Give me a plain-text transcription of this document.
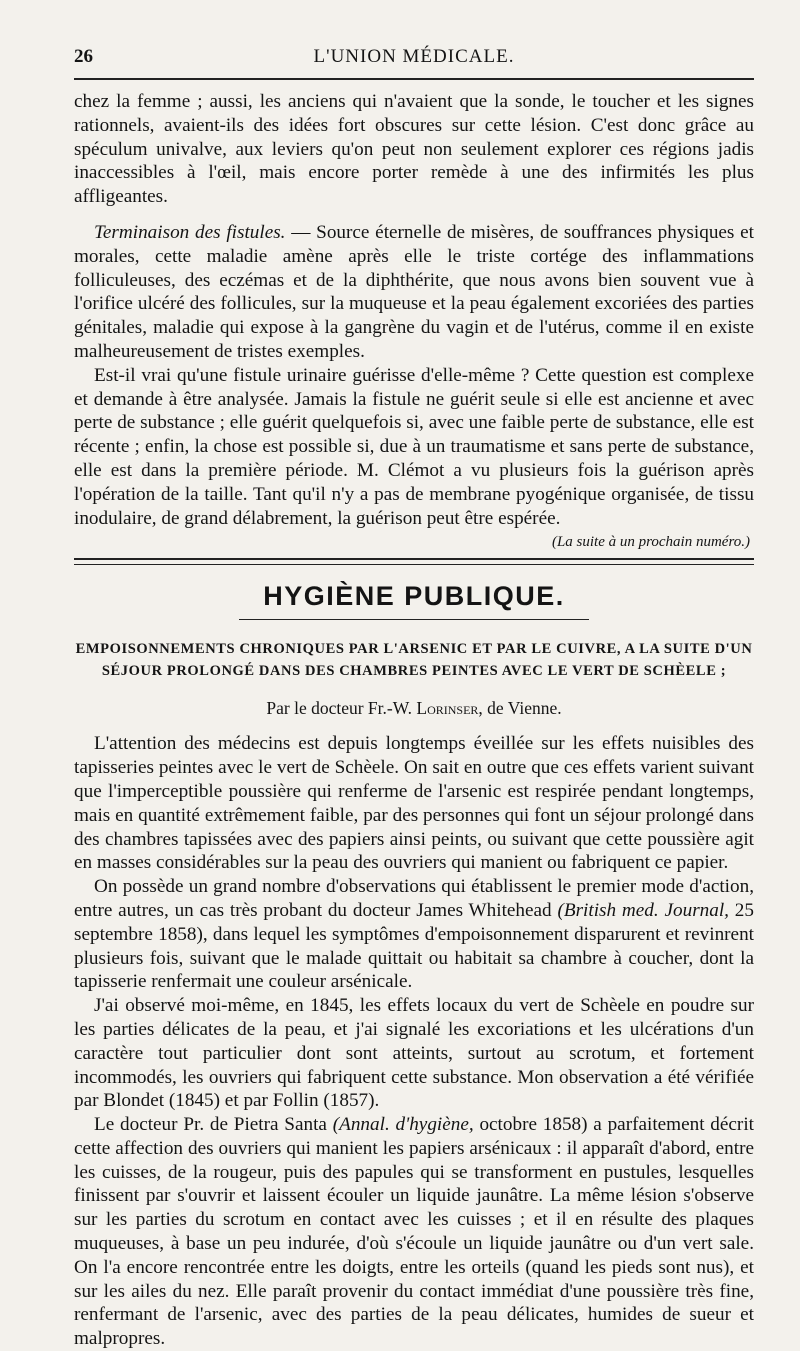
26	L'UNION MÉDICALE.

chez la femme ; aussi, les anciens qui n'avaient que la sonde, le toucher et les signes rationnels, avaient-ils des idées fort obscures sur cette lésion. C'est donc grâce au spéculum univalve, aux leviers qu'on peut non seulement explorer ces régions jadis inaccessibles à l'œil, mais encore porter remède à une des infirmités les plus affligeantes.

Terminaison des fistules. — Source éternelle de misères, de souffrances physiques et morales, cette maladie amène après elle le triste cortége des inflammations folliculeuses, des eczémas et de la diphthérite, que nous avons bien souvent vue à l'orifice ulcéré des follicules, sur la muqueuse et la peau également excoriées des parties génitales, maladie qui expose à la gangrène du vagin et de l'utérus, comme il en existe malheureusement de tristes exemples.

Est-il vrai qu'une fistule urinaire guérisse d'elle-même ? Cette question est complexe et demande à être analysée. Jamais la fistule ne guérit seule si elle est ancienne et avec perte de substance ; elle guérit quelquefois si, avec une faible perte de substance, elle est récente ; enfin, la chose est possible si, due à un traumatisme et sans perte de substance, elle est dans la première période. M. Clémot a vu plusieurs fois la guérison après l'opération de la taille. Tant qu'il n'y a pas de membrane pyogénique organisée, de tissu inodulaire, de grand délabrement, la guérison peut être espérée.

(La suite à un prochain numéro.)
HYGIÈNE PUBLIQUE.
EMPOISONNEMENTS CHRONIQUES PAR L'ARSENIC ET PAR LE CUIVRE, A LA SUITE D'UN SÉJOUR PROLONGÉ DANS DES CHAMBRES PEINTES AVEC LE VERT DE SCHÈELE ;
Par le docteur Fr.-W. Lorinser, de Vienne.

L'attention des médecins est depuis longtemps éveillée sur les effets nuisibles des tapisseries peintes avec le vert de Schèele. On sait en outre que ces effets varient suivant que l'imperceptible poussière qui renferme de l'arsenic est respirée pendant longtemps, mais en quantité extrêmement faible, par des personnes qui font un séjour prolongé dans des chambres tapissées avec des papiers ainsi peints, ou suivant que cette poussière agit en masses considérables sur la peau des ouvriers qui manient ou fabriquent ce papier.

On possède un grand nombre d'observations qui établissent le premier mode d'action, entre autres, un cas très probant du docteur James Whitehead (British med. Journal, 25 septembre 1858), dans lequel les symptômes d'empoisonnement disparurent et revinrent plusieurs fois, suivant que le malade quittait ou habitait sa chambre à coucher, dont la tapisserie renfermait une couleur arsénicale.

J'ai observé moi-même, en 1845, les effets locaux du vert de Schèele en poudre sur les parties délicates de la peau, et j'ai signalé les excoriations et les ulcérations d'un caractère tout particulier dont sont atteints, surtout au scrotum, et fortement incommodés, les ouvriers qui fabriquent cette substance. Mon observation a été vérifiée par Blondet (1845) et par Follin (1857).

Le docteur Pr. de Pietra Santa (Annal. d'hygiène, octobre 1858) a parfaitement décrit cette affection des ouvriers qui manient les papiers arsénicaux : il apparaît d'abord, entre les cuisses, de la rougeur, puis des papules qui se transforment en pustules, lesquelles finissent par s'ouvrir et laissent écouler un liquide jaunâtre. La même lésion s'observe sur les parties du scrotum en contact avec les cuisses ; et il en résulte des plaques muqueuses, à base un peu indurée, d'où s'écoule un liquide jaunâtre ou d'un vert sale. On l'a encore rencontrée entre les doigts, entre les orteils (quand les pieds sont nus), et sur les ailes du nez. Elle paraît provenir du contact immédiat d'une poussière très fine, renfermant de l'arsenic, avec des parties de la peau délicates, humides de sueur et malpropres.
